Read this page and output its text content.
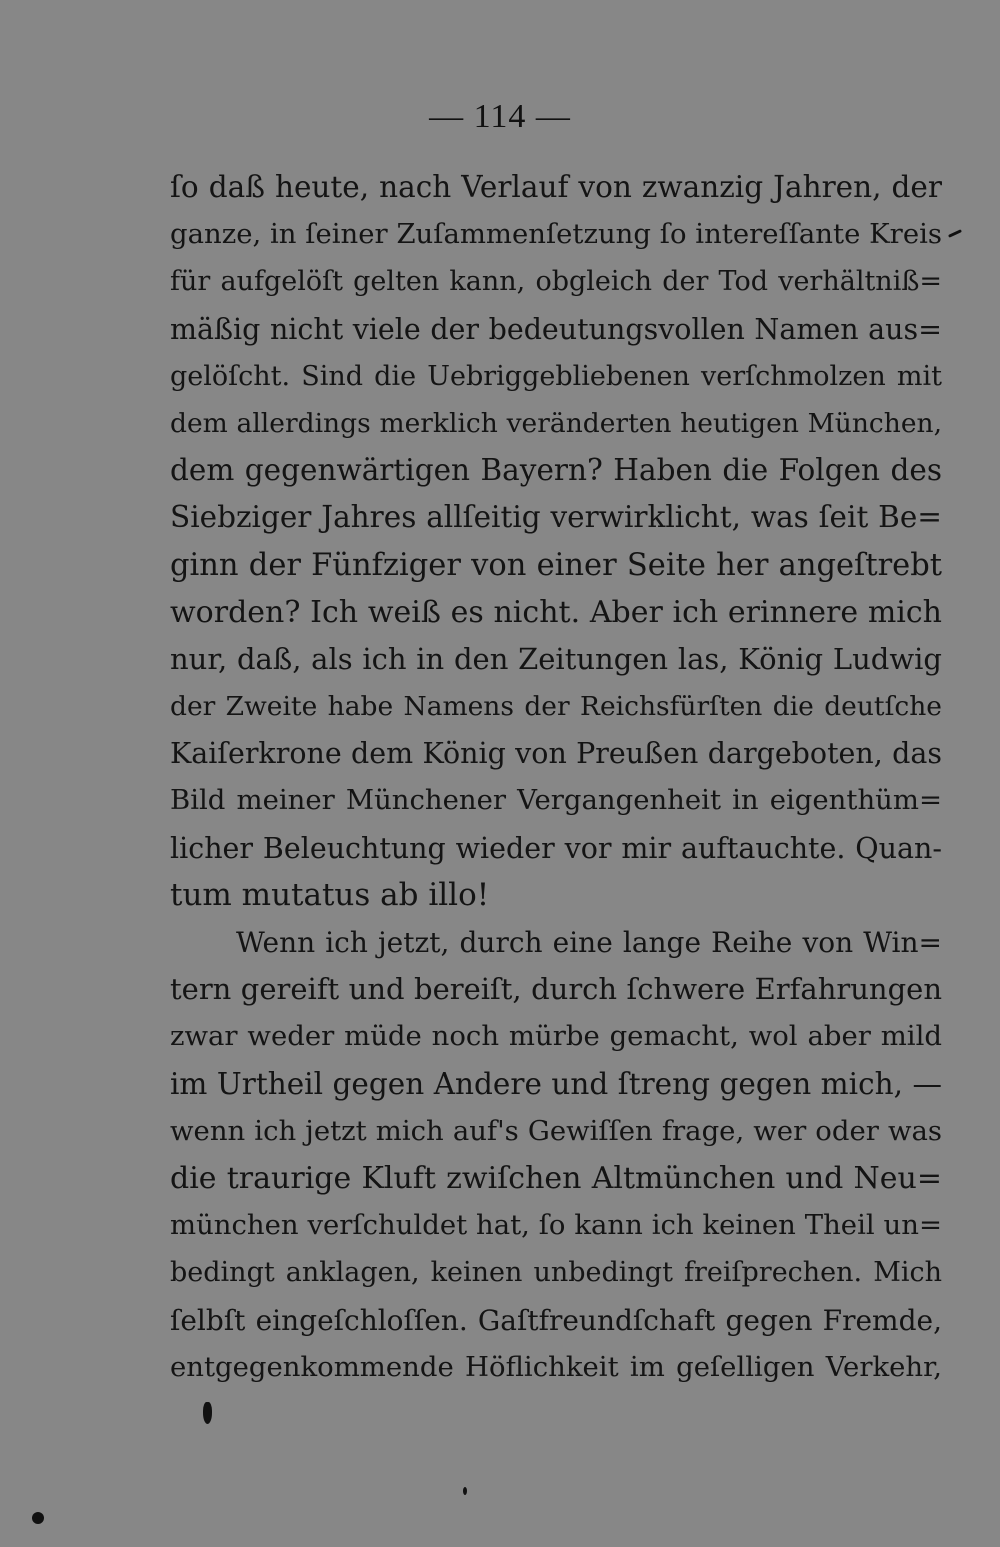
— 114 —
ſo daß heute, nach Verlauf von zwanzig Jahren, der
ganze, in ſeiner Zuſammenſetzung ſo intereſſante Kreis
für aufgelöſt gelten kann, obgleich der Tod verhältniß=
mäßig nicht viele der bedeutungsvollen Namen aus=
gelöſcht. Sind die Uebriggebliebenen verſchmolzen mit
dem allerdings merklich veränderten heutigen München,
dem gegenwärtigen Bayern? Haben die Folgen des
Siebziger Jahres allſeitig verwirklicht, was ſeit Be=
ginn der Fünfziger von einer Seite her angeſtrebt
worden? Ich weiß es nicht. Aber ich erinnere mich
nur, daß, als ich in den Zeitungen las, König Ludwig
der Zweite habe Namens der Reichsfürſten die deutſche
Kaiſerkrone dem König von Preußen dargeboten, das
Bild meiner Münchener Vergangenheit in eigenthüm=
licher Beleuchtung wieder vor mir auftauchte. Quan-
tum mutatus ab illo!
Wenn ich jetzt, durch eine lange Reihe von Win=
tern gereift und bereiſt, durch ſchwere Erfahrungen
zwar weder müde noch mürbe gemacht, wol aber mild
im Urtheil gegen Andere und ſtreng gegen mich, —
wenn ich jetzt mich auf's Gewiſſen frage, wer oder was
die traurige Kluft zwiſchen Altmünchen und Neu=
münchen verſchuldet hat, ſo kann ich keinen Theil un=
bedingt anklagen, keinen unbedingt freiſprechen. Mich
ſelbſt eingeſchloſſen. Gaſtfreundſchaft gegen Fremde,
entgegenkommende Höflichkeit im geſelligen Verkehr,
